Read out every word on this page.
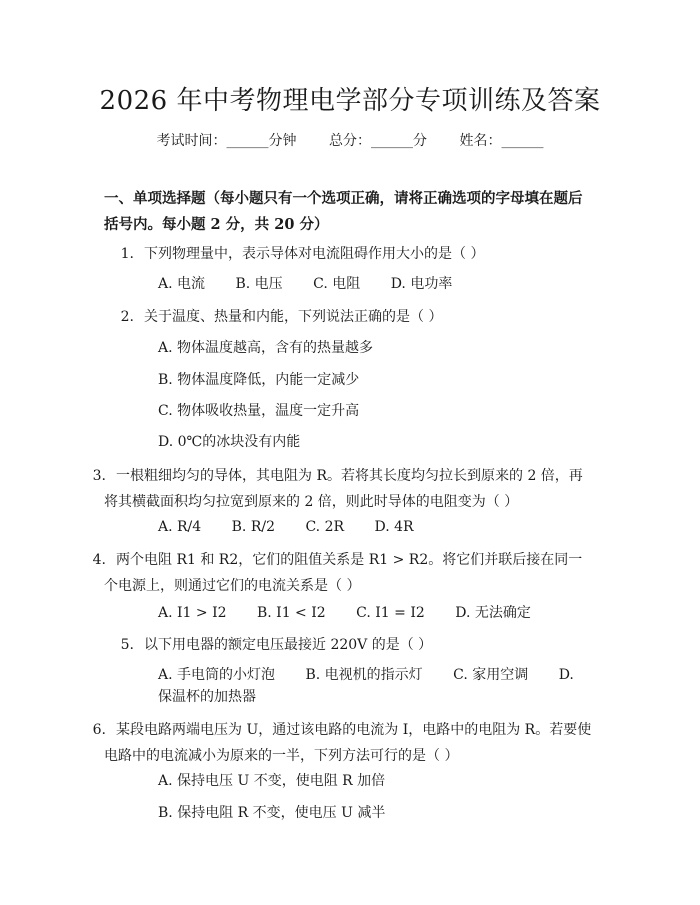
2026 年中考物理电学部分专项训练及答案
考试时间：______分钟 总分：______分 姓名：______

一、单项选择题（每小题只有一个选项正确，请将正确选项的字母填在题后括号内。每小题 2 分，共 20 分）

1. 下列物理量中，表示导体对电流阻碍作用大小的是（ ）
A. 电流 B. 电压 C. 电阻 D. 电功率
2. 关于温度、热量和内能，下列说法正确的是（ ）
A. 物体温度越高，含有的热量越多
B. 物体温度降低，内能一定减少
C. 物体吸收热量，温度一定升高
D. 0℃的冰块没有内能
3. 一根粗细均匀的导体，其电阻为 R。若将其长度均匀拉长到原来的 2 倍，再将其横截面积均匀拉宽到原来的 2 倍，则此时导体的电阻变为（ ）
A. R/4 B. R/2 C. 2R D. 4R
4. 两个电阻 R1 和 R2，它们的阻值关系是 R1 > R2。将它们并联后接在同一个电源上，则通过它们的电流关系是（ ）
A. I1 > I2 B. I1 < I2 C. I1 = I2 D. 无法确定
5. 以下用电器的额定电压最接近 220V 的是（ ）
A. 手电筒的小灯泡 B. 电视机的指示灯 C. 家用空调 D. 保温杯的加热器
6. 某段电路两端电压为 U，通过该电路的电流为 I，电路中的电阻为 R。若要使电路中的电流减小为原来的一半，下列方法可行的是（ ）
A. 保持电压 U 不变，使电阻 R 加倍
B. 保持电阻 R 不变，使电压 U 减半
